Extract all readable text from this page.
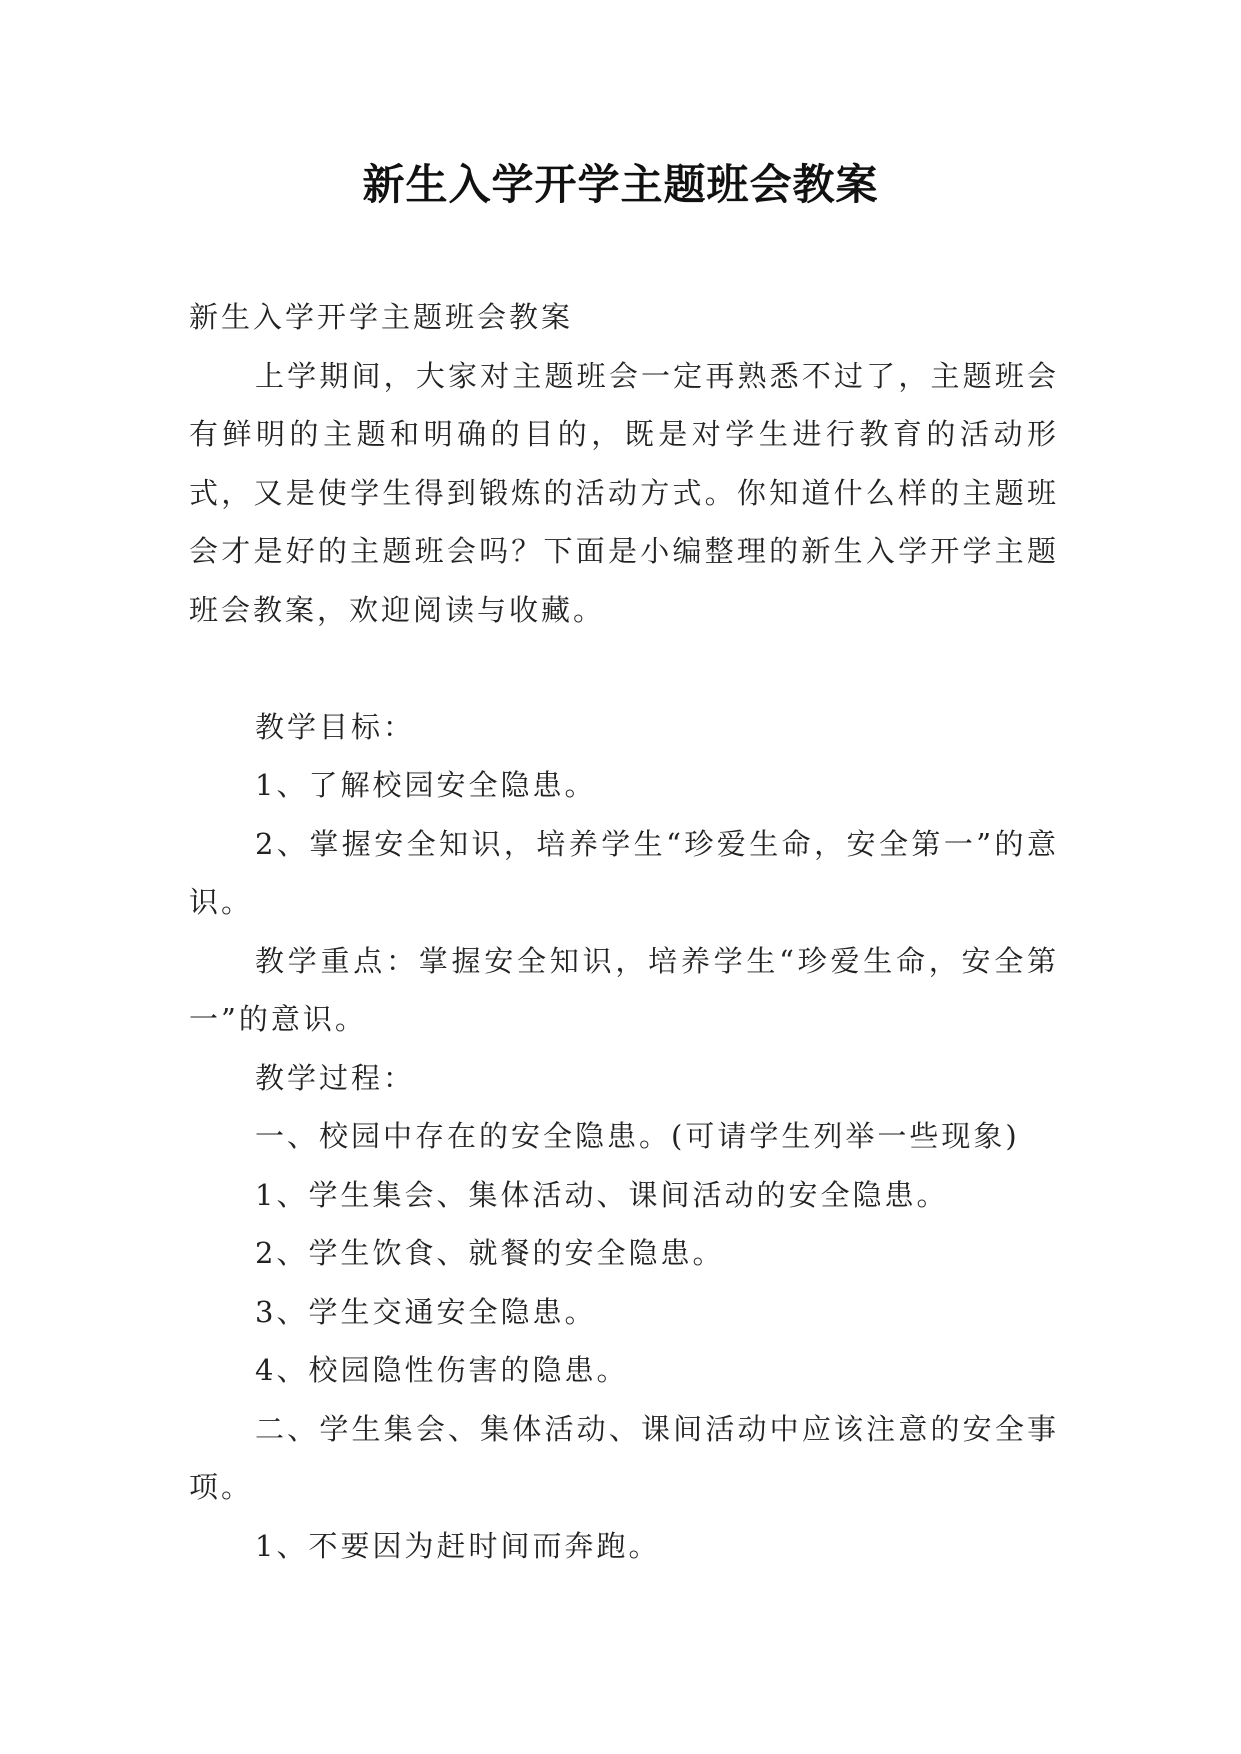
新生入学开学主题班会教案

新生入学开学主题班会教案

上学期间，大家对主题班会一定再熟悉不过了，主题班会有鲜明的主题和明确的目的，既是对学生进行教育的活动形式，又是使学生得到锻炼的活动方式。你知道什么样的主题班会才是好的主题班会吗？下面是小编整理的新生入学开学主题班会教案，欢迎阅读与收藏。

教学目标：

1、了解校园安全隐患。

2、掌握安全知识，培养学生“珍爱生命，安全第一”的意识。

教学重点：掌握安全知识，培养学生“珍爱生命，安全第一”的意识。

教学过程：

一、校园中存在的安全隐患。(可请学生列举一些现象)

1、学生集会、集体活动、课间活动的安全隐患。

2、学生饮食、就餐的安全隐患。

3、学生交通安全隐患。

4、校园隐性伤害的隐患。

二、学生集会、集体活动、课间活动中应该注意的安全事项。

1、不要因为赶时间而奔跑。
